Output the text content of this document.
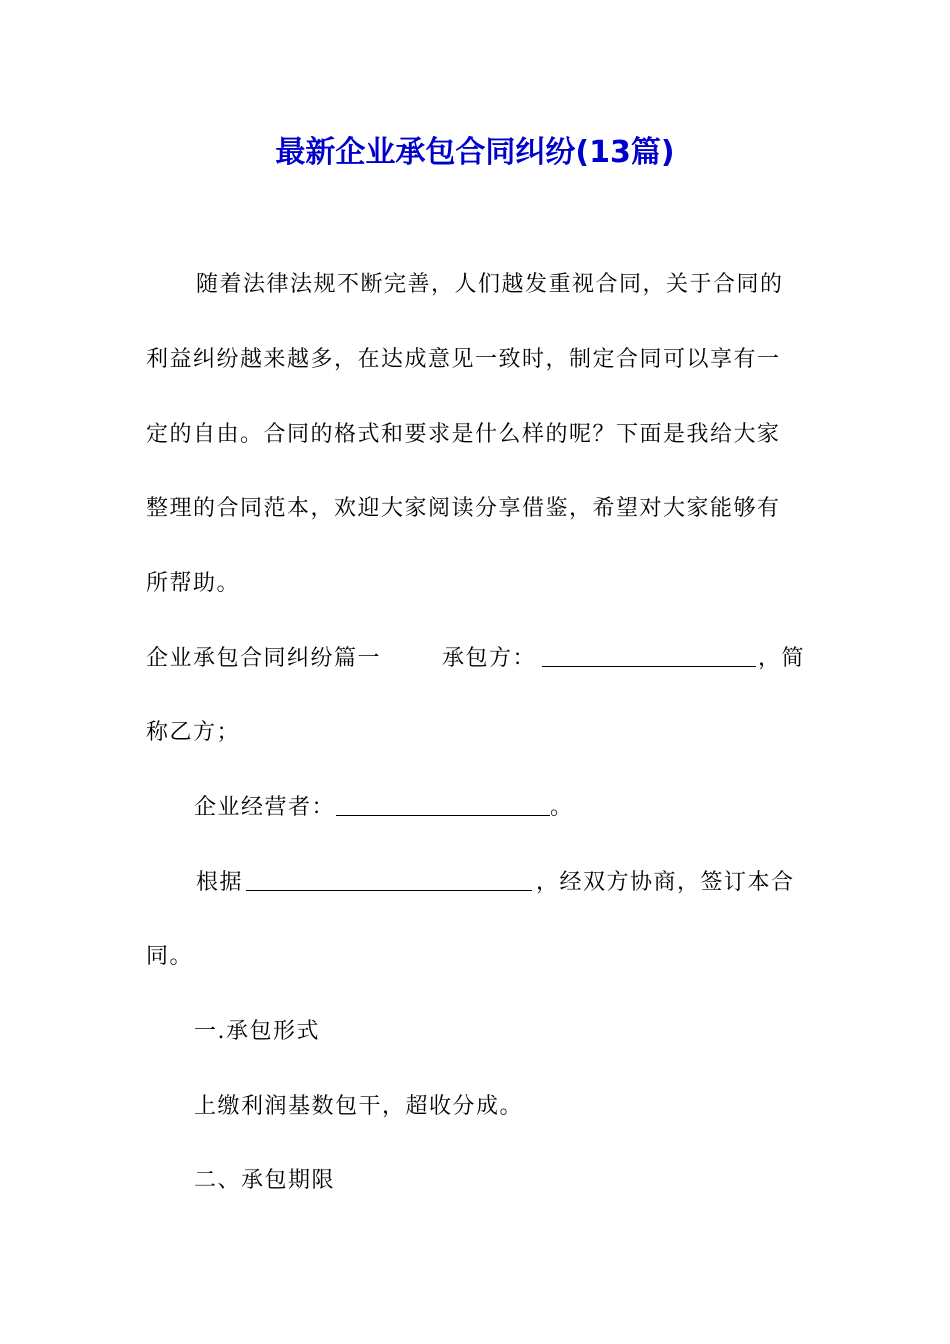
最新企业承包合同纠纷(13篇)
随着法律法规不断完善，人们越发重视合同，关于合同的
利益纠纷越来越多，在达成意见一致时，制定合同可以享有一
定的自由。合同的格式和要求是什么样的呢？下面是我给大家
整理的合同范本，欢迎大家阅读分享借鉴，希望对大家能够有
所帮助。
企业承包合同纠纷篇一	承包方：	，简
称乙方；
企业经营者：	。
根据	，经双方协商，签订本合
同。
一.承包形式
上缴利润基数包干，超收分成。
二、承包期限
